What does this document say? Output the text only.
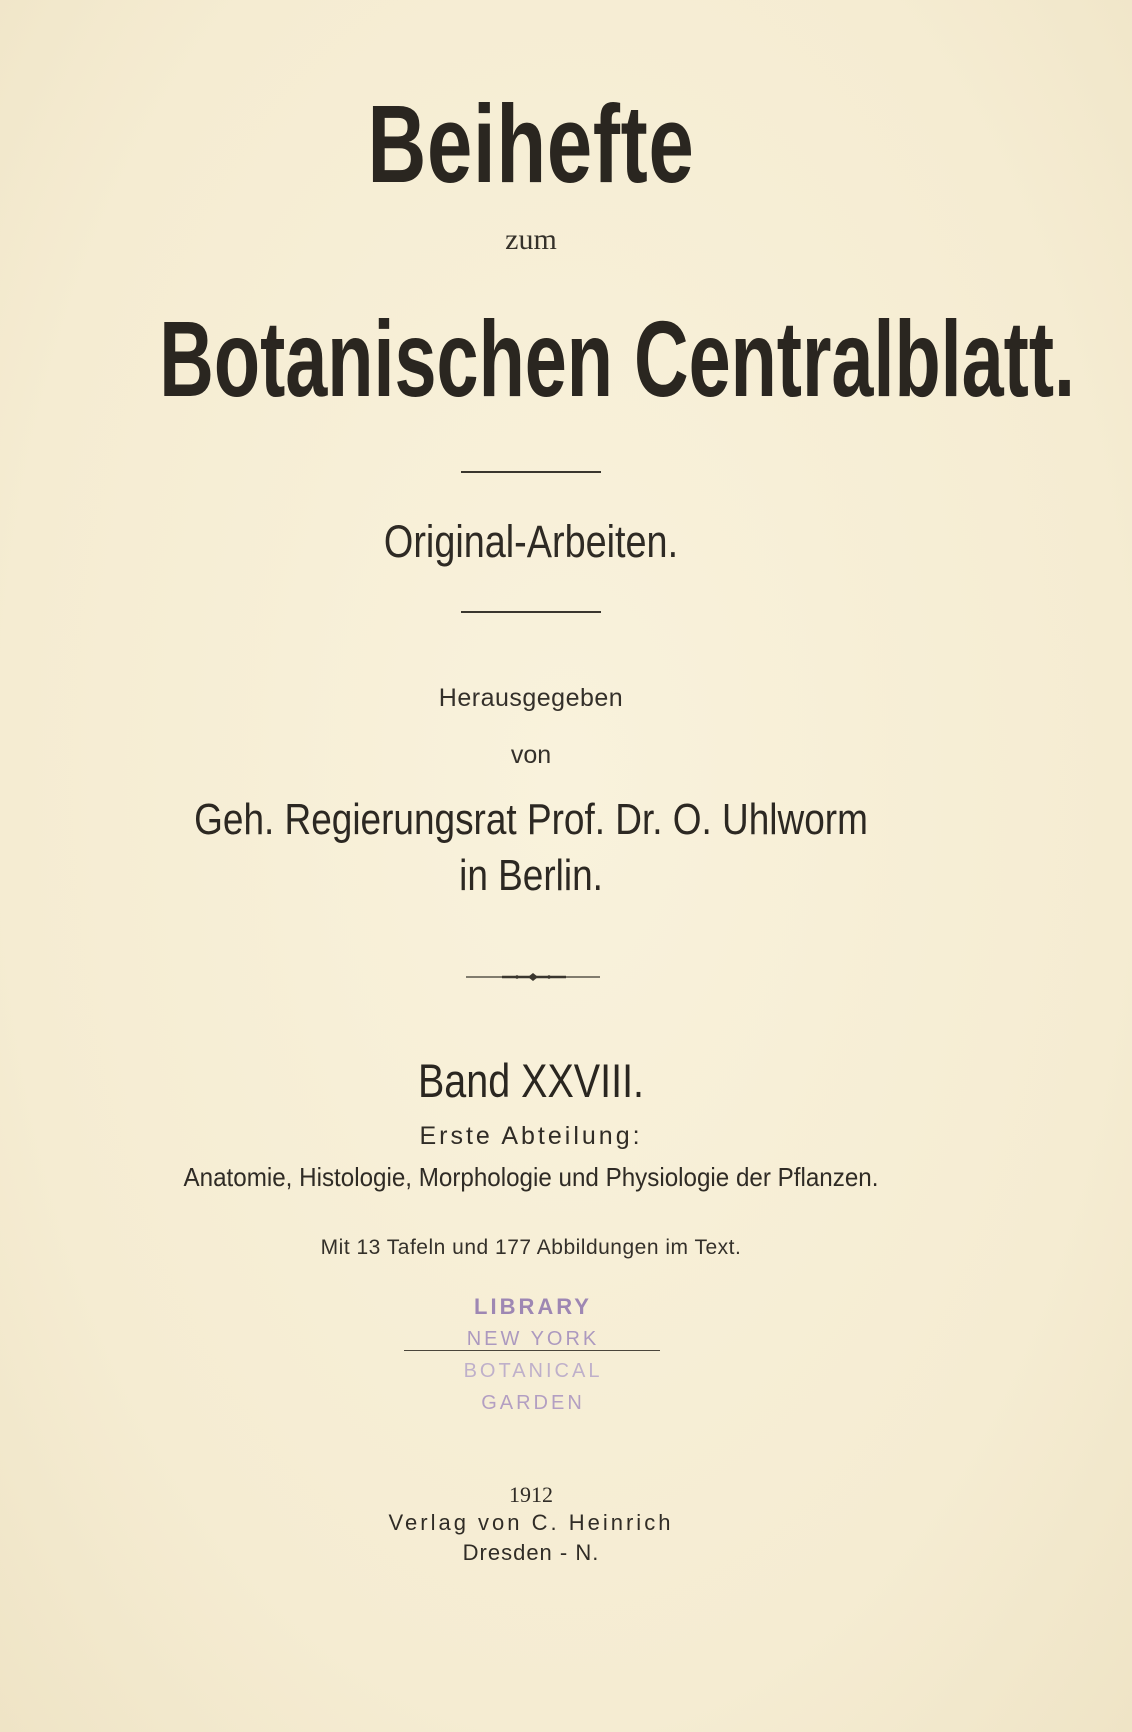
Beihefte
zum
Botanischen Centralblatt.
Original-Arbeiten.
Herausgegeben
von
Geh. Regierungsrat Prof. Dr. O. Uhlworm
in Berlin.
Band XXVIII.
Erste Abteilung:
Anatomie, Histologie, Morphologie und Physiologie der Pflanzen.
Mit 13 Tafeln und 177 Abbildungen im Text.
LIBRARY
NEW YORK
BOTANICAL
GARDEN
1912
Verlag von C. Heinrich
Dresden - N.
